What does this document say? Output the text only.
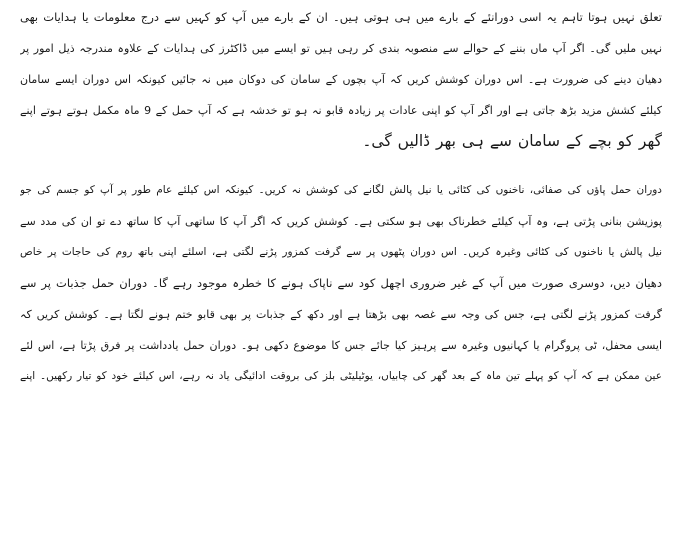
تعلق نہیں ہوتا تاہم یہ اسی دورانئے کے بارے میں ہی ہوتی ہیں۔ ان کے بارے میں آپ کو کہیں سے درج معلومات یا ہدایات بھی
نہیں ملیں گی۔ اگر آپ ماں بننے کے حوالے سے منصوبہ بندی کر رہی ہیں تو ایسے میں ڈاکٹرز کی ہدایات کے علاوہ مندرجہ ذیل امور پر
دھیان دینے کی ضرورت ہے۔ اس دوران کوشش کریں کہ آپ بچوں کے سامان کی دوکان میں نہ جائیں کیونکہ اس دوران ایسے سامان
کیلئے کشش مزید بڑھ جاتی ہے اور اگر آپ کو اپنی عادات پر زیادہ قابو نہ ہو تو خدشہ ہے کہ آپ حمل کے 9 ماہ مکمل ہوتے ہوتے اپنے
گھر کو بچے کے سامان سے ہی بھر ڈالیں گی۔
دوران حمل پاؤں کی صفائی، ناخنوں کی کٹائی یا نیل پالش لگانے کی کوشش نہ کریں۔ کیونکہ اس کیلئے عام طور پر آپ کو جسم کی جو
پوزیشن بنانی پڑتی ہے، وہ آپ کیلئے خطرناک بھی ہو سکتی ہے۔ کوشش کریں کہ اگر آپ کا ساتھی آپ کا ساتھ دے تو ان کی مدد سے
نیل پالش یا ناخنوں کی کٹائی وغیرہ کریں۔ اس دوران پٹھوں پر سے گرفت کمزور پڑنے لگتی ہے، اسلئے اپنی باتھ روم کی حاجات پر خاص
دھیان دیں، دوسری صورت میں آپ کے غیر ضروری اچھل کود سے ناپاک ہونے کا خطرہ موجود رہے گا۔ دوران حمل جذبات پر سے
گرفت کمزور پڑنے لگتی ہے، جس کی وجہ سے غصہ بھی بڑھتا ہے اور دکھ کے جذبات پر بھی قابو ختم ہونے لگتا ہے۔ کوشش کریں کہ
ایسی محفل، ٹی پروگرام یا کہانیوں وغیرہ سے پرہیز کیا جائے جس کا موضوع دکھی ہو۔ دوران حمل یادداشت پر فرق پڑتا ہے، اس لئے
عین ممکن ہے کہ آپ کو پہلے تین ماہ کے بعد گھر کی چابیاں، یوٹیلیٹی بلز کی بروقت ادائیگی یاد نہ رہے، اس کیلئے خود کو تیار رکھیں۔ اپنے
